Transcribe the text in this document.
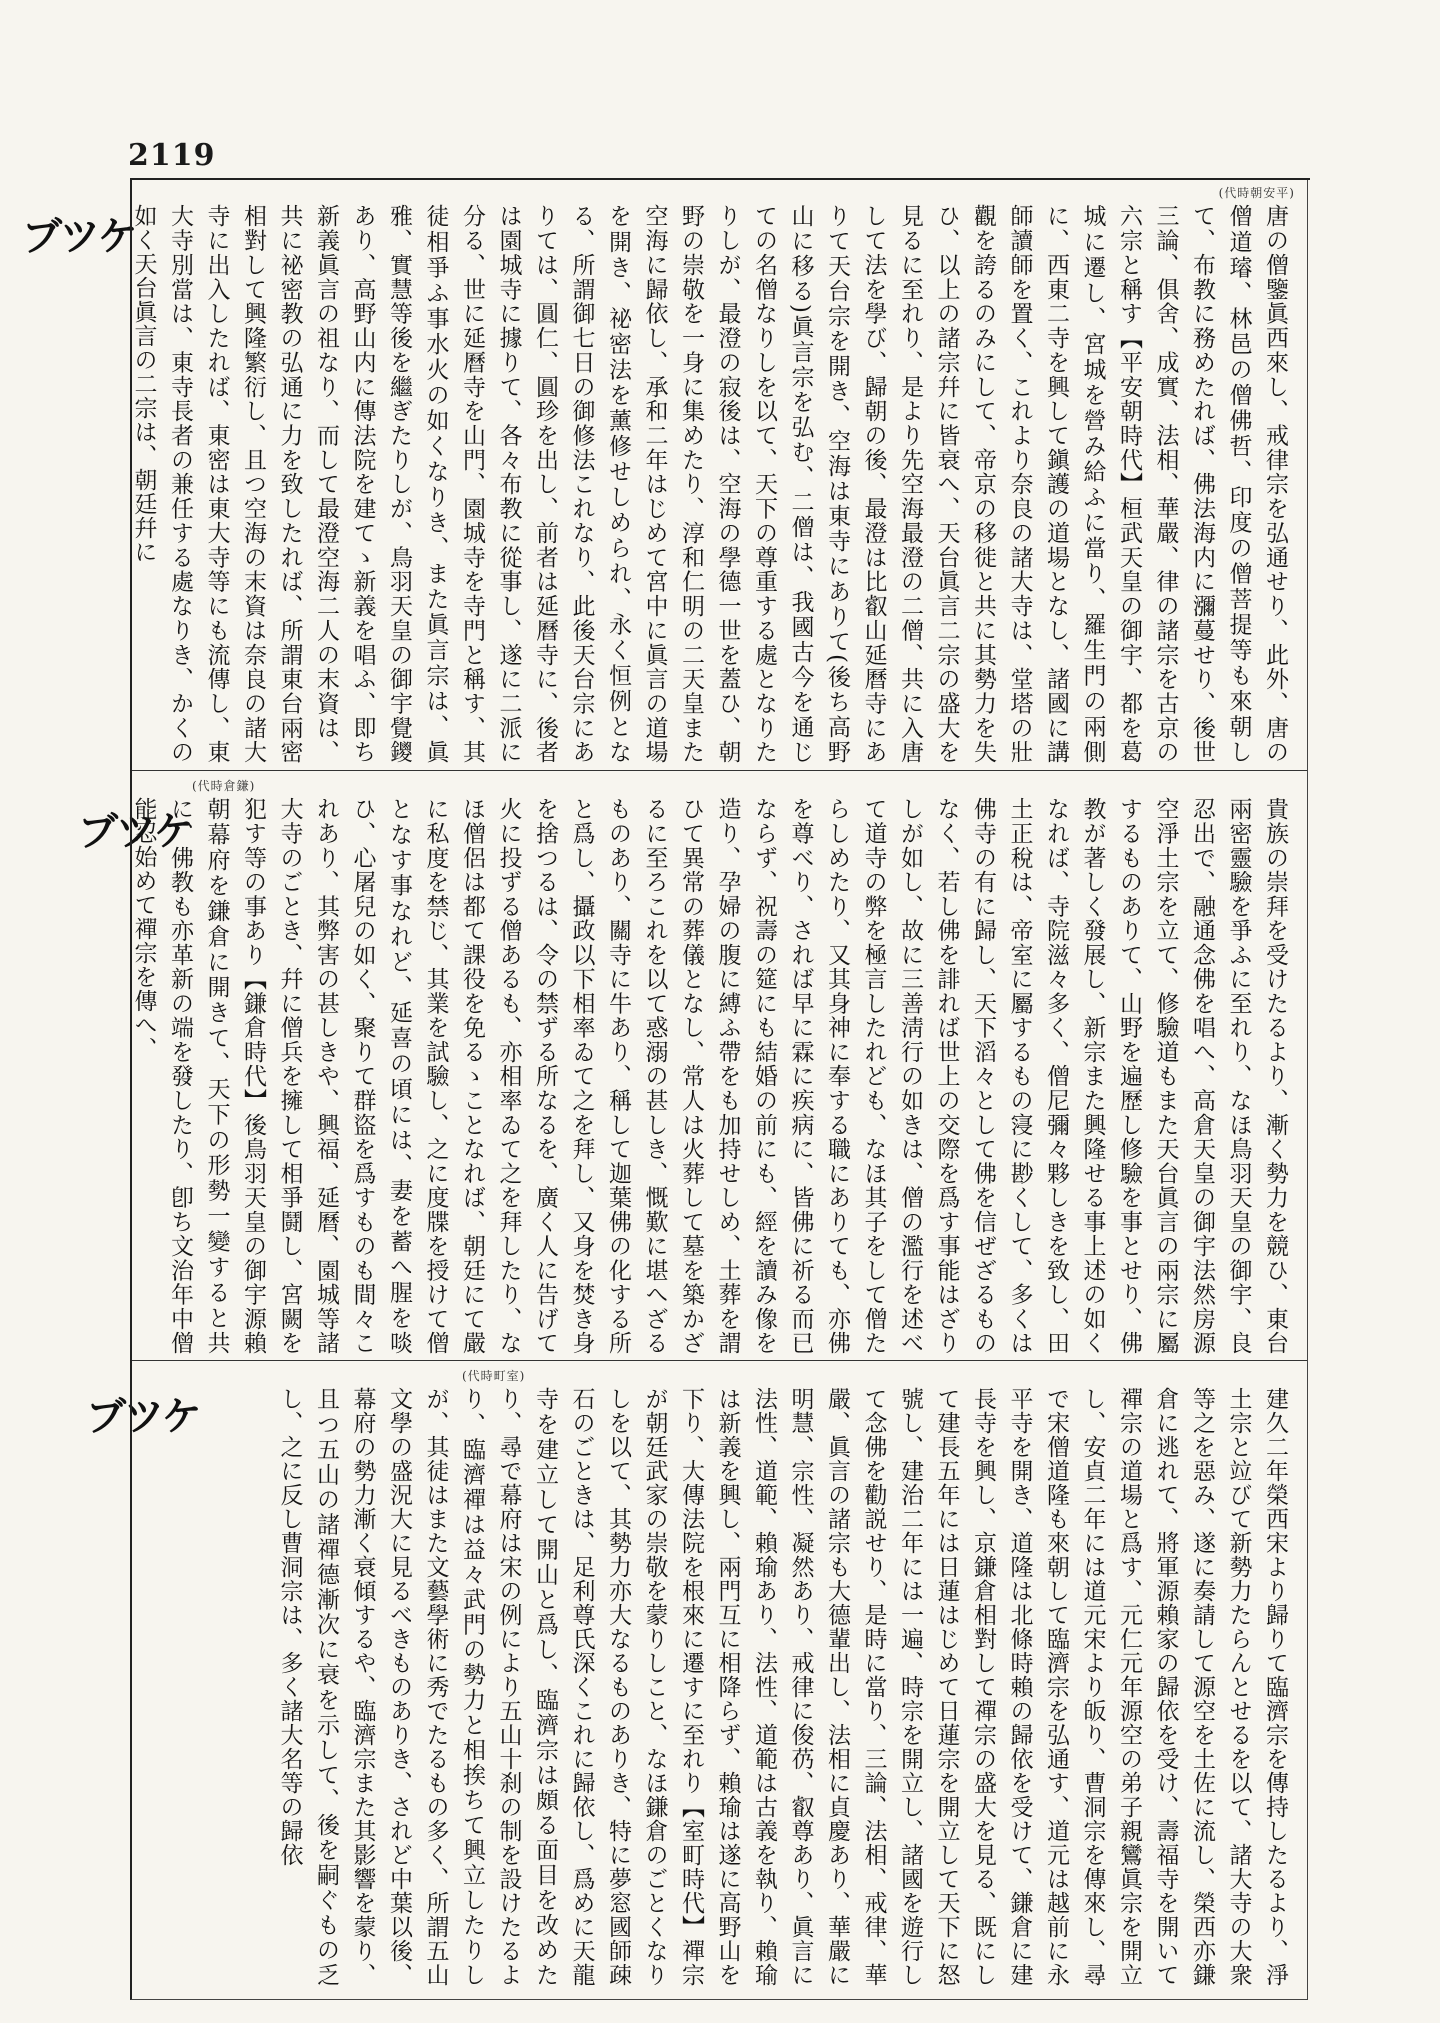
2119
ブツケ
ブツケ
ブツケ
(代時朝安平)
唐の僧鑒眞西來し、戒律宗を弘通せり、此外、唐の僧道璿、林邑の僧佛哲、印度の僧菩提等も來朝して、布教に務めたれば、佛法海内に瀰蔓せり、後世三論、俱舍、成實、法相、華嚴、律の諸宗を古京の六宗と稱す【平安朝時代】桓武天皇の御宇、都を葛城に遷し、宮城を營み給ふに當り、羅生門の兩側に、西東二寺を興して鎭護の道場となし、諸國に講師讀師を置く、これより奈良の諸大寺は、堂塔の壯觀を誇るのみにして、帝京の移徙と共に其勢力を失ひ、以上の諸宗幷に皆衰へ、天台眞言二宗の盛大を見るに至れり、是より先空海最澄の二僧、共に入唐して法を學び、歸朝の後、最澄は比叡山延曆寺にありて天台宗を開き、空海は東寺にありて(後ち高野山に移る)眞言宗を弘む、二僧は、我國古今を通じての名僧なりしを以て、天下の尊重する處となりたりしが、最澄の寂後は、空海の學德一世を蓋ひ、朝野の崇敬を一身に集めたり、淳和仁明の二天皇また空海に歸依し、承和二年はじめて宮中に眞言の道場を開き、祕密法を薰修せしめられ、永く恒例となる、所謂御七日の御修法これなり、此後天台宗にありては、圓仁、圓珍を出し、前者は延曆寺に、後者は園城寺に據りて、各々布教に從事し、遂に二派に分る、世に延曆寺を山門、園城寺を寺門と稱す、其徒相爭ふ事水火の如くなりき、また眞言宗は、眞雅、實慧等後を繼ぎたりしが、鳥羽天皇の御宇覺鑁あり、高野山内に傳法院を建てゝ新義を唱ふ、即ち新義眞言の祖なり、而して最澄空海二人の末資は、共に祕密教の弘通に力を致したれば、所謂東台兩密相對して興隆繁衍し、且つ空海の末資は奈良の諸大寺に出入したれば、東密は東大寺等にも流傳し、東大寺別當は、東寺長者の兼任する處なりき、かくの如く天台眞言の二宗は、朝廷幷に
(代時倉鎌)
貴族の崇拜を受けたるより、漸く勢力を競ひ、東台兩密靈驗を爭ふに至れり、なほ鳥羽天皇の御宇、良忍出で、融通念佛を唱へ、高倉天皇の御宇法然房源空淨土宗を立て、修驗道もまた天台眞言の兩宗に屬するものありて、山野を遍歷し修驗を事とせり、佛教が著しく發展し、新宗また興隆せる事上述の如くなれば、寺院滋々多く、僧尼彌々夥しきを致し、田土正稅は、帝室に屬するもの寖に尠くして、多くは佛寺の有に歸し、天下滔々として佛を信ぜざるものなく、若し佛を誹れば世上の交際を爲す事能はざりしが如し、故に三善淸行の如きは、僧の濫行を述べて道寺の弊を極言したれども、なほ其子をして僧たらしめたり、又其身神に奉する職にありても、亦佛を尊べり、されば早に霖に疾病に、皆佛に祈る而已ならず、祝壽の筵にも結婚の前にも、經を讀み像を造り、孕婦の腹に縛ふ帶をも加持せしめ、土葬を謂ひて異常の葬儀となし、常人は火葬して墓を築かざるに至ろこれを以て惑溺の甚しき、慨歎に堪へざるものあり、關寺に牛あり、稱して迦葉佛の化する所と爲し、攝政以下相率ゐて之を拜し、又身を焚き身を捨つるは、令の禁ずる所なるを、廣く人に告げて火に投ずる僧あるも、亦相率ゐて之を拜したり、なほ僧侶は都て課役を免るゝことなれば、朝廷にて嚴に私度を禁じ、其業を試驗し、之に度牒を授けて僧となす事なれど、延喜の頃には、妻を蓄へ腥を啖ひ、心屠兒の如く、聚りて群盜を爲すものも間々これあり、其弊害の甚しきや、興福、延曆、園城等諸大寺のごとき、幷に僧兵を擁して相爭鬪し、宮闕を犯す等の事あり【鎌倉時代】後鳥羽天皇の御宇源賴朝幕府を鎌倉に開きて、天下の形勢一變すると共に、佛教も亦革新の端を發したり、卽ち文治年中僧能忍始めて禪宗を傳へ、
(代時町室)
建久二年榮西宋より歸りて臨濟宗を傳持したるより、淨土宗と竝びて新勢力たらんとせるを以て、諸大寺の大衆等之を惡み、遂に奏請して源空を土佐に流し、榮西亦鎌倉に逃れて、將軍源賴家の歸依を受け、壽福寺を開いて禪宗の道場と爲す、元仁元年源空の弟子親鸞眞宗を開立し、安貞二年には道元宋より皈り、曹洞宗を傳來し、尋で宋僧道隆も來朝して臨濟宗を弘通す、道元は越前に永平寺を開き、道隆は北條時賴の歸依を受けて、鎌倉に建長寺を興し、京鎌倉相對して禪宗の盛大を見る、既にして建長五年には日蓮はじめて日蓮宗を開立して天下に怒號し、建治二年には一遍、時宗を開立し、諸國を遊行して念佛を勸説せり、是時に當り、三論、法相、戒律、華嚴、眞言の諸宗も大德輩出し、法相に貞慶あり、華嚴に明慧、宗性、凝然あり、戒律に俊芿、叡尊あり、眞言に法性、道範、賴瑜あり、法性、道範は古義を執り、賴瑜は新義を興し、兩門互に相降らず、賴瑜は遂に高野山を下り、大傳法院を根來に遷すに至れり【室町時代】禪宗が朝廷武家の崇敬を蒙りしこと、なほ鎌倉のごとくなりしを以て、其勢力亦大なるものありき、特に夢窓國師疎石のごときは、足利尊氏深くこれに歸依し、爲めに天龍寺を建立して開山と爲し、臨濟宗は頗る面目を改めたり、尋で幕府は宋の例により五山十刹の制を設けたるより、臨濟禪は益々武門の勢力と相挨ちて興立したりしが、其徒はまた文藝學術に秀でたるもの多く、所謂五山文學の盛況大に見るべきものありき、されど中葉以後、幕府の勢力漸く衰傾するや、臨濟宗また其影響を蒙り、且つ五山の諸禪德漸次に衰を示して、後を嗣ぐもの乏し、之に反し曹洞宗は、多く諸大名等の歸依
